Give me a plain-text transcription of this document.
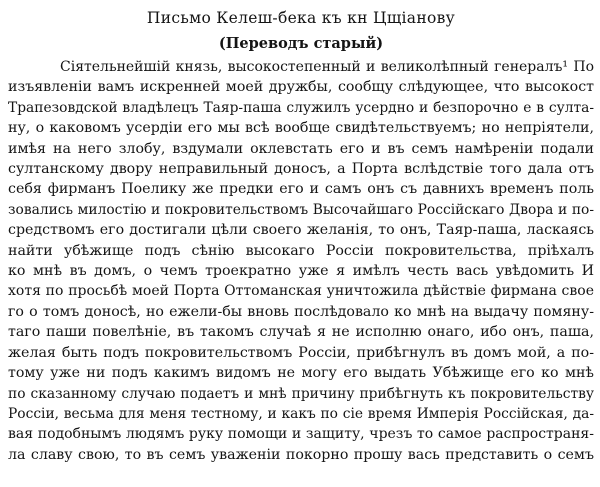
Письмо Келеш-бека къ кн Цщіанову
(Переводъ старый)
Сіятельнейшій князь, высокостепенный и великолѣпный генералъ¹ По
изъявленіи вамъ искренней моей дружбы, сообщу слѣдующее, что высокост
Трапезовдской владѣлецъ Таяр-паша служилъ усердно и безпорочно е в султа-
ну, о каковомъ усердіи его мы всѣ вообще свидѣтельствуемъ; но непріятели,
имѣя на него злобу, вздумали оклевстать его и въ семъ намѣреніи подали
султанскому двору неправильный доносъ, а Порта вслѣдствіе того дала отъ
себя фирманъ Поелику же предки его и самъ онъ съ давнихъ временъ поль
зовались милостію и покровительствомъ Высочайшаго Россійскаго Двора и по-
средствомъ его достигали цѣли своего желанія, то онъ, Таяр-паша, ласкаясь
найти убѣжище подъ сѣнію высокаго Россіи покровительства, пріѣхалъ
ко мнѣ въ домъ, о чемъ троекратно уже я имѣлъ честь вась увѣдомить И
хотя по просьбѣ моей Порта Оттоманская уничтожила дѣйствіе фирмана свое
го о томъ доносѣ, но ежели-бы вновь послѣдовало ко мнѣ на выдачу помяну-
таго паши повелѣніе, въ такомъ случаѣ я не исполню онаго, ибо онъ, паша,
желая быть подъ покровительствомъ Россіи, прибѣгнулъ въ домъ мой, а по-
тому уже ни подъ какимъ видомъ не могу его выдать Убѣжище его ко мнѣ
по сказанному случаю подаетъ и мнѣ причину прибѣгнуть къ покровительству
Россіи, весьма для меня тестному, и какъ по сіе время Имперія Россійская, да-
вая подобнымъ людямъ руку помощи и защиту, чрезъ то самое распространя-
ла славу свою, то въ семъ уваженіи покорно прошу вась представить о семъ
